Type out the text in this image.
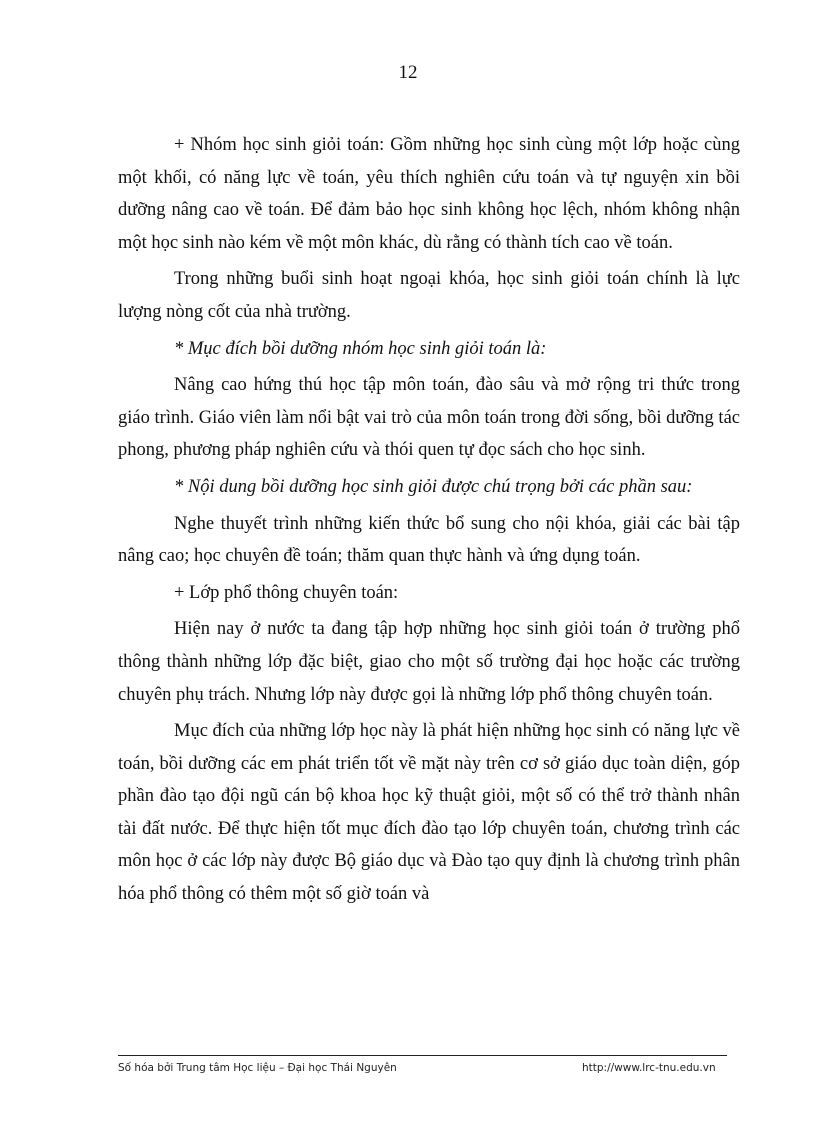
12

+ Nhóm học sinh giỏi toán: Gồm những học sinh cùng một lớp hoặc cùng một khối, có năng lực về toán, yêu thích nghiên cứu toán và tự nguyện xin bồi dưỡng nâng cao về toán. Để đảm bảo học sinh không học lệch, nhóm không nhận một học sinh nào kém về một môn khác, dù rằng có thành tích cao về toán.

Trong những buổi sinh hoạt ngoại khóa, học sinh giỏi toán chính là lực lượng nòng cốt của nhà trường.

* Mục đích bồi dưỡng nhóm học sinh giỏi toán là:

Nâng cao hứng thú học tập môn toán, đào sâu và mở rộng tri thức trong giáo trình. Giáo viên làm nổi bật vai trò của môn toán trong đời sống, bồi dưỡng tác phong, phương pháp nghiên cứu và thói quen tự đọc sách cho học sinh.

* Nội dung bồi dưỡng học sinh giỏi được chú trọng bởi các phần sau:

Nghe thuyết trình những kiến thức bổ sung cho nội khóa, giải các bài tập nâng cao; học chuyên đề toán; thăm quan thực hành và ứng dụng toán.

+ Lớp phổ thông chuyên toán:

Hiện nay ở nước ta đang tập hợp những học sinh giỏi toán ở trường phổ thông thành những lớp đặc biệt, giao cho một số trường đại học hoặc các trường chuyên phụ trách. Nhưng lớp này được gọi là những lớp phổ thông chuyên toán.

Mục đích của những lớp học này là phát hiện những học sinh có năng lực về toán, bồi dưỡng các em phát triển tốt về mặt này trên cơ sở giáo dục toàn diện, góp phần đào tạo đội ngũ cán bộ khoa học kỹ thuật giỏi, một số có thể trở thành nhân tài đất nước. Để thực hiện tốt mục đích đào tạo lớp chuyên toán, chương trình các môn học ở các lớp này được Bộ giáo dục và Đào tạo quy định là chương trình phân hóa phổ thông có thêm một số giờ toán và

Số hóa bởi Trung tâm Học liệu – Đại học Thái Nguyên	http://www.lrc-tnu.edu.vn
